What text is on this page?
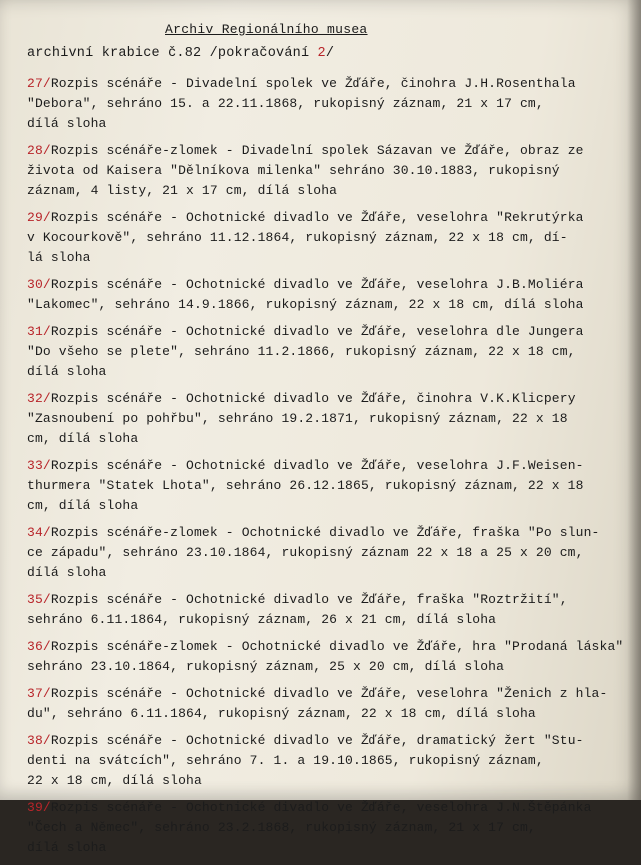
Archiv Regionálního musea
archivní krabice č.82 /pokračování 2/
27/Rozpis scénáře - Divadelní spolek ve Žďáře, činohra J.H.Rosenthala
"Debora", sehráno 15. a 22.11.1868, rukopisný záznam, 21 x 17 cm,
dílá sloha
28/Rozpis scénáře-zlomek - Divadelní spolek Sázavan ve Žďáře, obraz ze
života od Kaisera "Dělníkova milenka" sehráno 30.10.1883, rukopisný
záznam, 4 listy, 21 x 17 cm, dílá sloha
29/Rozpis scénáře - Ochotnické divadlo ve Žďáře, veselohra "Rekrutýrka
v Kocourkově", sehráno 11.12.1864, rukopisný záznam, 22 x 18 cm, dí-
lá sloha
30/Rozpis scénáře - Ochotnické divadlo ve Žďáře, veselohra J.B.Moliéra
"Lakomec", sehráno 14.9.1866, rukopisný záznam, 22 x 18 cm, dílá sloha
31/Rozpis scénáře - Ochotnické divadlo ve Žďáře, veselohra dle Jungera
"Do všeho se plete", sehráno 11.2.1866, rukopisný záznam, 22 x 18 cm,
dílá sloha
32/Rozpis scénáře - Ochotnické divadlo ve Žďáře, činohra V.K.Klicpery
"Zasnoubení po pohřbu", sehráno 19.2.1871, rukopisný záznam, 22 x 18
cm, dílá sloha
33/Rozpis scénáře - Ochotnické divadlo ve Žďáře, veselohra J.F.Weisen-
thurmera "Statek Lhota", sehráno 26.12.1865, rukopisný záznam, 22 x 18
cm, dílá sloha
34/Rozpis scénáře-zlomek - Ochotnické divadlo ve Žďáře, fraška "Po slun-
ce západu", sehráno 23.10.1864, rukopisný záznam 22 x 18 a 25 x 20 cm,
dílá sloha
35/Rozpis scénáře - Ochotnické divadlo ve Žďáře, fraška "Roztržití",
sehráno 6.11.1864, rukopisný záznam, 26 x 21 cm, dílá sloha
36/Rozpis scénáře-zlomek - Ochotnické divadlo ve Žďáře, hra "Prodaná láska"
sehráno 23.10.1864, rukopisný záznam, 25 x 20 cm, dílá sloha
37/Rozpis scénáře - Ochotnické divadlo ve Žďáře, veselohra "Ženich z hla-
du", sehráno 6.11.1864, rukopisný záznam, 22 x 18 cm, dílá sloha
38/Rozpis scénáře - Ochotnické divadlo ve Žďáře, dramatický žert "Stu-
denti na svátcích", sehráno 7. 1. a 19.10.1865, rukopisný záznam,
22 x 18 cm, dílá sloha
39/Rozpis scénáře - Ochotnické divadlo ve Žďáře, veselohra J.N.Štěpánka
"Čech a Němec", sehráno 23.2.1868, rukopisný záznam, 21 x 17 cm,
dílá sloha
